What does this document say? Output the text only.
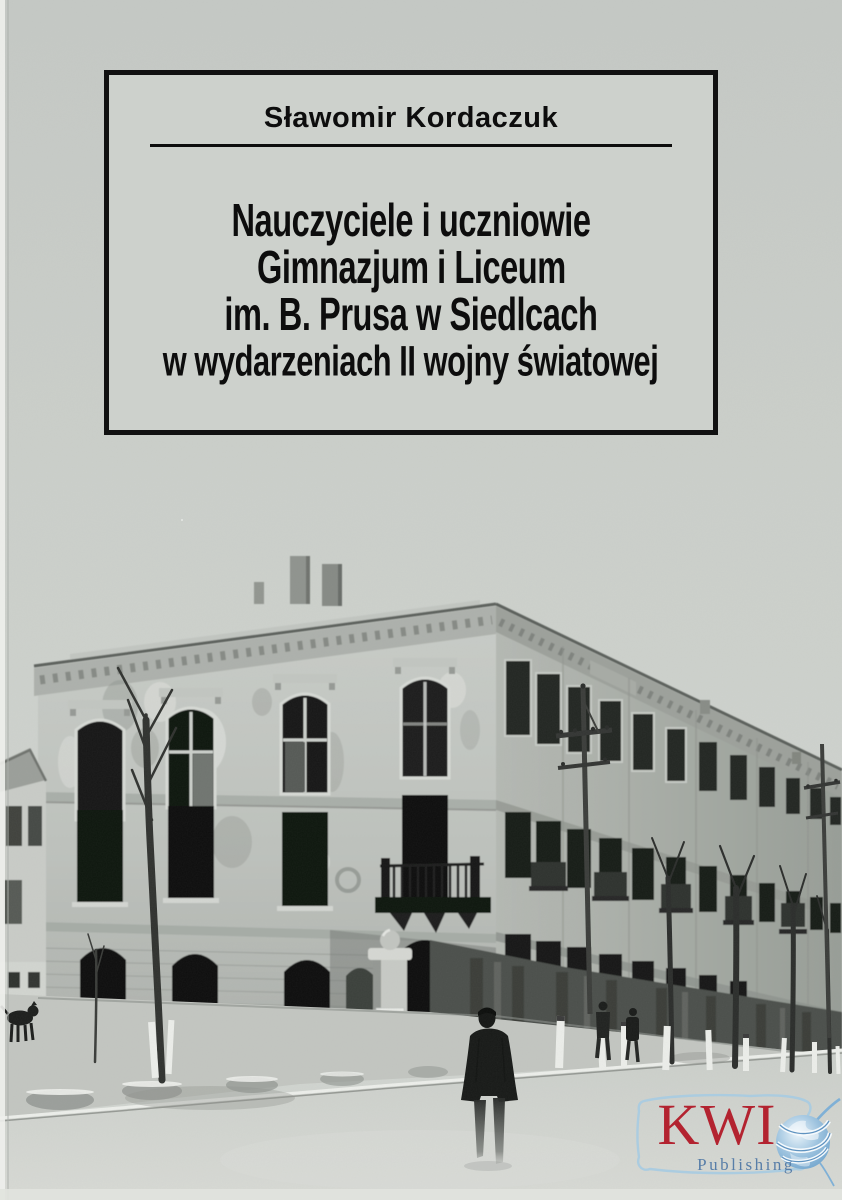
Sławomir Kordaczuk
Nauczyciele i uczniowie
Gimnazjum i Liceum
im. B. Prusa w Siedlcach
w wydarzeniach II wojny światowej
KWI
Publishing
